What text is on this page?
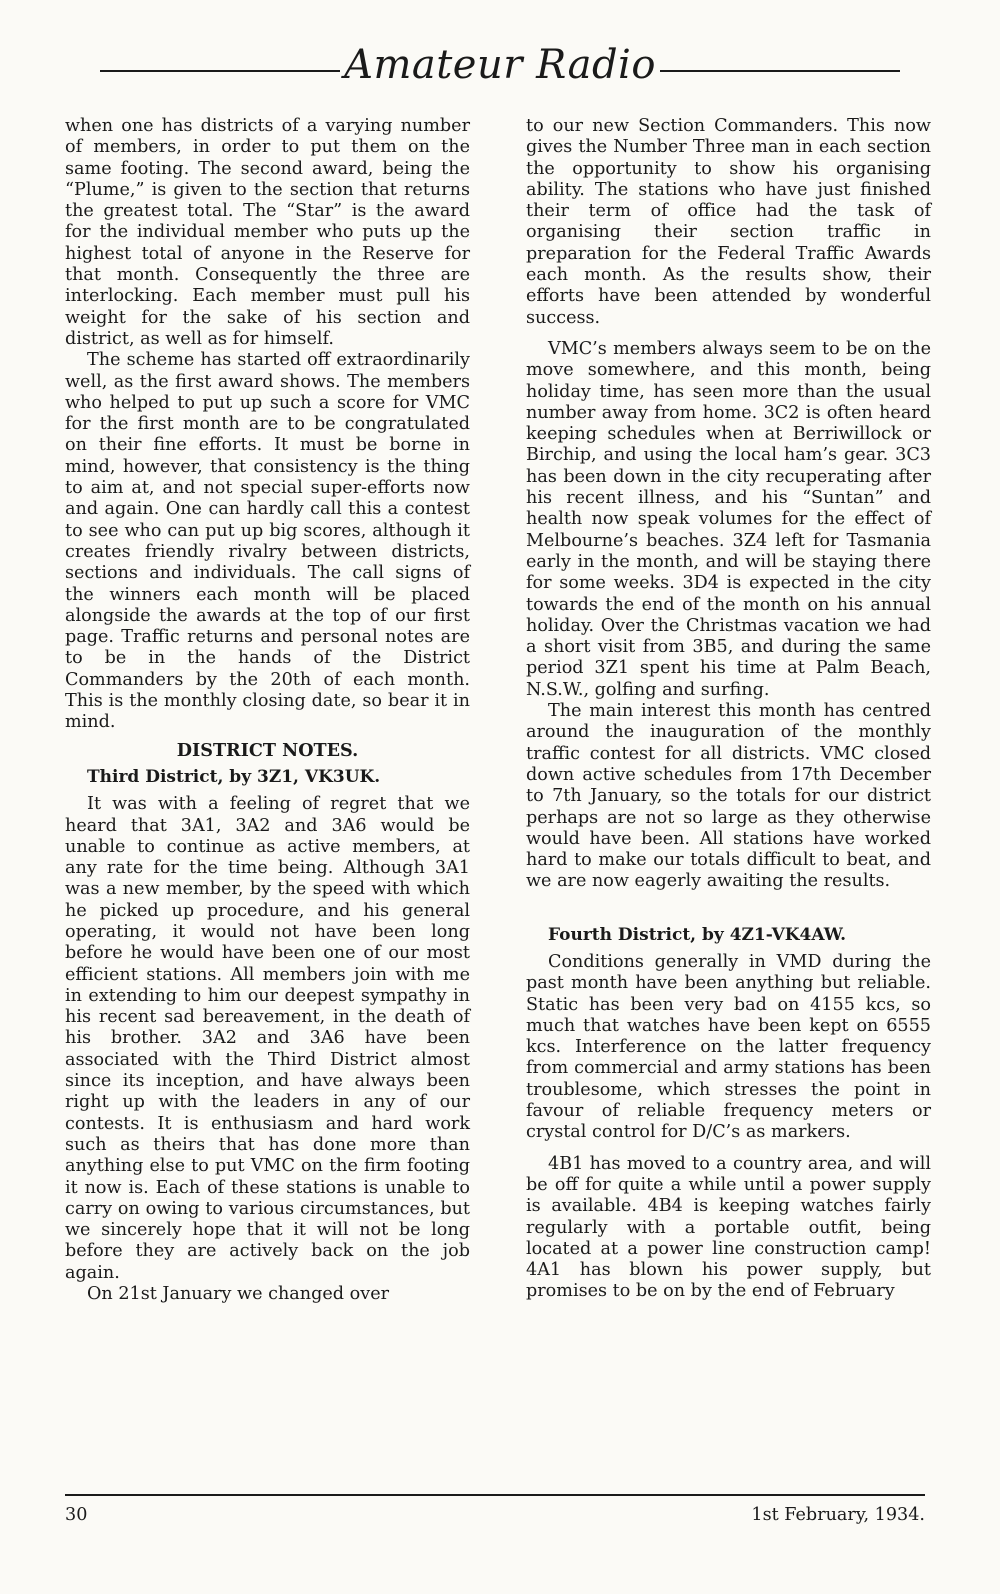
Amateur Radio

when one has districts of a varying number of members, in order to put them on the same footing. The second award, being the “Plume,” is given to the section that returns the greatest total. The “Star” is the award for the individual member who puts up the highest total of anyone in the Reserve for that month. Consequently the three are interlocking. Each member must pull his weight for the sake of his section and district, as well as for himself.

The scheme has started off extraordinarily well, as the first award shows. The members who helped to put up such a score for VMC for the first month are to be congratulated on their fine efforts. It must be borne in mind, however, that consistency is the thing to aim at, and not special super-efforts now and again. One can hardly call this a contest to see who can put up big scores, although it creates friendly rivalry between districts, sections and individuals. The call signs of the winners each month will be placed alongside the awards at the top of our first page. Traffic returns and personal notes are to be in the hands of the District Commanders by the 20th of each month. This is the monthly closing date, so bear it in mind.

DISTRICT NOTES.
Third District, by 3Z1, VK3UK.

It was with a feeling of regret that we heard that 3A1, 3A2 and 3A6 would be unable to continue as active members, at any rate for the time being. Although 3A1 was a new member, by the speed with which he picked up procedure, and his general operating, it would not have been long before he would have been one of our most efficient stations. All members join with me in extending to him our deepest sympathy in his recent sad bereavement, in the death of his brother. 3A2 and 3A6 have been associated with the Third District almost since its inception, and have always been right up with the leaders in any of our contests. It is enthusiasm and hard work such as theirs that has done more than anything else to put VMC on the firm footing it now is. Each of these stations is unable to carry on owing to various circumstances, but we sincerely hope that it will not be long before they are actively back on the job again.

On 21st January we changed over

to our new Section Commanders. This now gives the Number Three man in each section the opportunity to show his organising ability. The stations who have just finished their term of office had the task of organising their section traffic in preparation for the Federal Traffic Awards each month. As the results show, their efforts have been attended by wonderful success.

VMC’s members always seem to be on the move somewhere, and this month, being holiday time, has seen more than the usual number away from home. 3C2 is often heard keeping schedules when at Berriwillock or Birchip, and using the local ham’s gear. 3C3 has been down in the city recuperating after his recent illness, and his “Suntan” and health now speak volumes for the effect of Melbourne’s beaches. 3Z4 left for Tasmania early in the month, and will be staying there for some weeks. 3D4 is expected in the city towards the end of the month on his annual holiday. Over the Christmas vacation we had a short visit from 3B5, and during the same period 3Z1 spent his time at Palm Beach, N.S.W., golfing and surfing.

The main interest this month has centred around the inauguration of the monthly traffic contest for all districts. VMC closed down active schedules from 17th December to 7th January, so the totals for our district perhaps are not so large as they otherwise would have been. All stations have worked hard to make our totals difficult to beat, and we are now eagerly awaiting the results.

Fourth District, by 4Z1-VK4AW.

Conditions generally in VMD during the past month have been anything but reliable. Static has been very bad on 4155 kcs, so much that watches have been kept on 6555 kcs. Interference on the latter frequency from commercial and army stations has been troublesome, which stresses the point in favour of reliable frequency meters or crystal control for D/C’s as markers.

4B1 has moved to a country area, and will be off for quite a while until a power supply is available. 4B4 is keeping watches fairly regularly with a portable outfit, being located at a power line construction camp! 4A1 has blown his power supply, but promises to be on by the end of February

30	1st February, 1934.
